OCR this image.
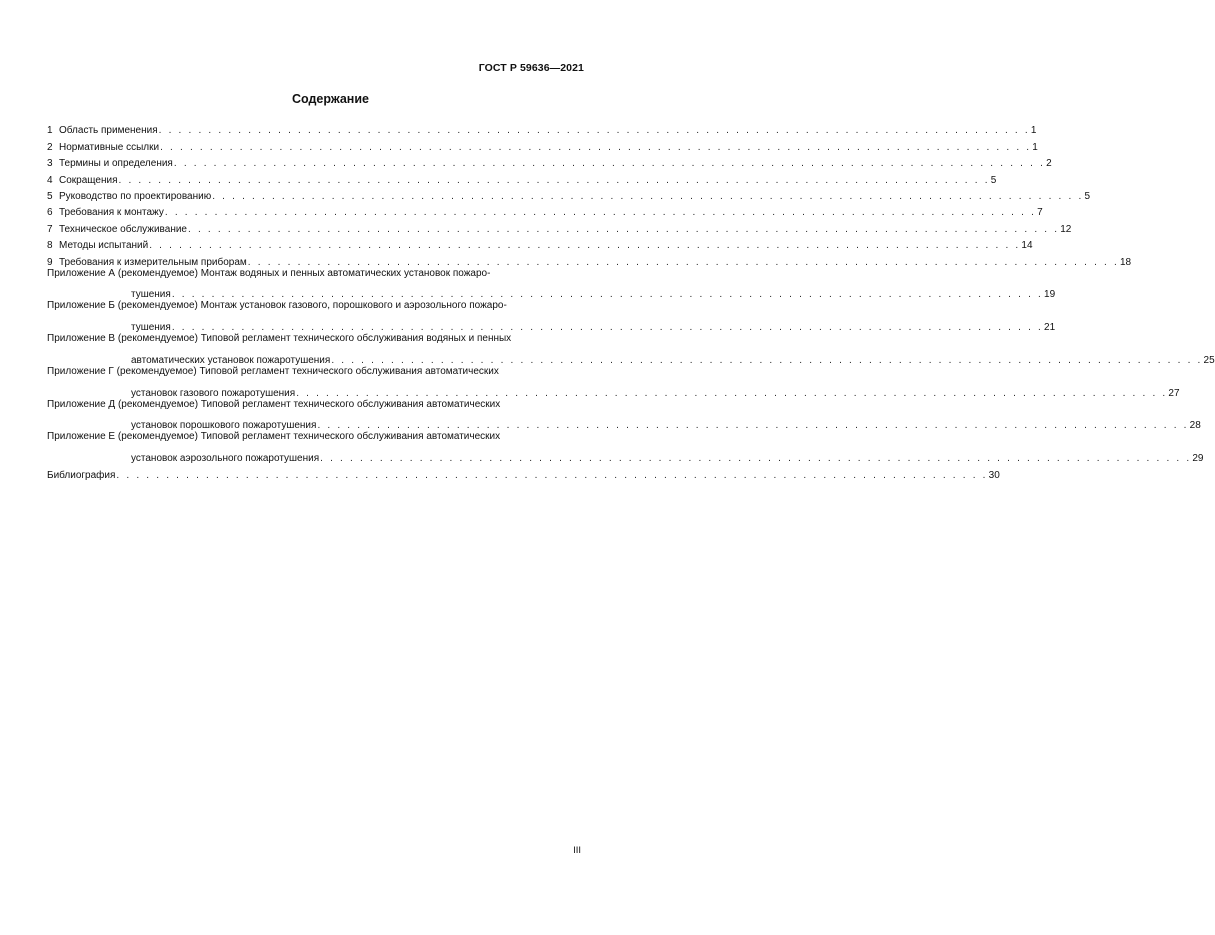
ГОСТ Р 59636—2021
Содержание
1 Область применения . . . . . . . . . . . . . . . . . . . . . . . . . . . . . . . . . . . . . . . . . . . . . . . . . . . . . . . . . . . . . . . . . . . . . . . . . . . . . . . . . . . . . . . . 1
2 Нормативные ссылки . . . . . . . . . . . . . . . . . . . . . . . . . . . . . . . . . . . . . . . . . . . . . . . . . . . . . . . . . . . . . . . . . . . . . . . . . . . . . . . . . . . . . . . . 1
3 Термины и определения . . . . . . . . . . . . . . . . . . . . . . . . . . . . . . . . . . . . . . . . . . . . . . . . . . . . . . . . . . . . . . . . . . . . . . . . . . . . . . . . . . . . . . . . 2
4 Сокращения . . . . . . . . . . . . . . . . . . . . . . . . . . . . . . . . . . . . . . . . . . . . . . . . . . . . . . . . . . . . . . . . . . . . . . . . . . . . . . . . . . . . . . . . 5
5 Руководство по проектированию . . . . . . . . . . . . . . . . . . . . . . . . . . . . . . . . . . . . . . . . . . . . . . . . . . . . . . . . . . . . . . . . . . . . . . . . . . . . . . . . . . . . . . . . 5
6 Требования к монтажу . . . . . . . . . . . . . . . . . . . . . . . . . . . . . . . . . . . . . . . . . . . . . . . . . . . . . . . . . . . . . . . . . . . . . . . . . . . . . . . . . . . . . . . . 7
7 Техническое обслуживание . . . . . . . . . . . . . . . . . . . . . . . . . . . . . . . . . . . . . . . . . . . . . . . . . . . . . . . . . . . . . . . . . . . . . . . . . . . . . . . . . . . . . . . . 12
8 Методы испытаний . . . . . . . . . . . . . . . . . . . . . . . . . . . . . . . . . . . . . . . . . . . . . . . . . . . . . . . . . . . . . . . . . . . . . . . . . . . . . . . . . . . . . . . . 14
9 Требования к измерительным приборам . . . . . . . . . . . . . . . . . . . . . . . . . . . . . . . . . . . . . . . . . . . . . . . . . . . . . . . . . . . . . . . . . . . . . . . . . . . . . . . . . . . . . . . . 18
Приложение А (рекомендуемое) Монтаж водяных и пенных автоматических установок пожаро-
тушения . . . . . . . . . . . . . . . . . . . . . . . . . . . . . . . . . . . . . . . . . . . . . . . . . . . . . . . . . . . . . . . . . . . . . . . . . . . . . . . . . . . . . . . . 19
Приложение Б (рекомендуемое) Монтаж установок газового, порошкового и аэрозольного пожаро-
тушения . . . . . . . . . . . . . . . . . . . . . . . . . . . . . . . . . . . . . . . . . . . . . . . . . . . . . . . . . . . . . . . . . . . . . . . . . . . . . . . . . . . . . . . . 21
Приложение В (рекомендуемое) Типовой регламент технического обслуживания водяных и пенных
автоматических установок пожаротушения . . . . . . . . . . . . . . . . . . . . . . . . . . . . . . . . . . . . . . . . . . . . . . . . . . . . . . . . . . . . . . . . . . . . . . . . . . . . . . . . . . . . . . . . 25
Приложение Г (рекомендуемое) Типовой регламент технического обслуживания автоматических
установок газового пожаротушения . . . . . . . . . . . . . . . . . . . . . . . . . . . . . . . . . . . . . . . . . . . . . . . . . . . . . . . . . . . . . . . . . . . . . . . . . . . . . . . . . . . . . . . . 27
Приложение Д (рекомендуемое) Типовой регламент технического обслуживания автоматических
установок порошкового пожаротушения . . . . . . . . . . . . . . . . . . . . . . . . . . . . . . . . . . . . . . . . . . . . . . . . . . . . . . . . . . . . . . . . . . . . . . . . . . . . . . . . . . . . . . . . 28
Приложение Е (рекомендуемое) Типовой регламент технического обслуживания автоматических
установок аэрозольного пожаротушения . . . . . . . . . . . . . . . . . . . . . . . . . . . . . . . . . . . . . . . . . . . . . . . . . . . . . . . . . . . . . . . . . . . . . . . . . . . . . . . . . . . . . . . . 29
Библиография . . . . . . . . . . . . . . . . . . . . . . . . . . . . . . . . . . . . . . . . . . . . . . . . . . . . . . . . . . . . . . . . . . . . . . . . . . . . . . . . . . . . . . . . 30
III
